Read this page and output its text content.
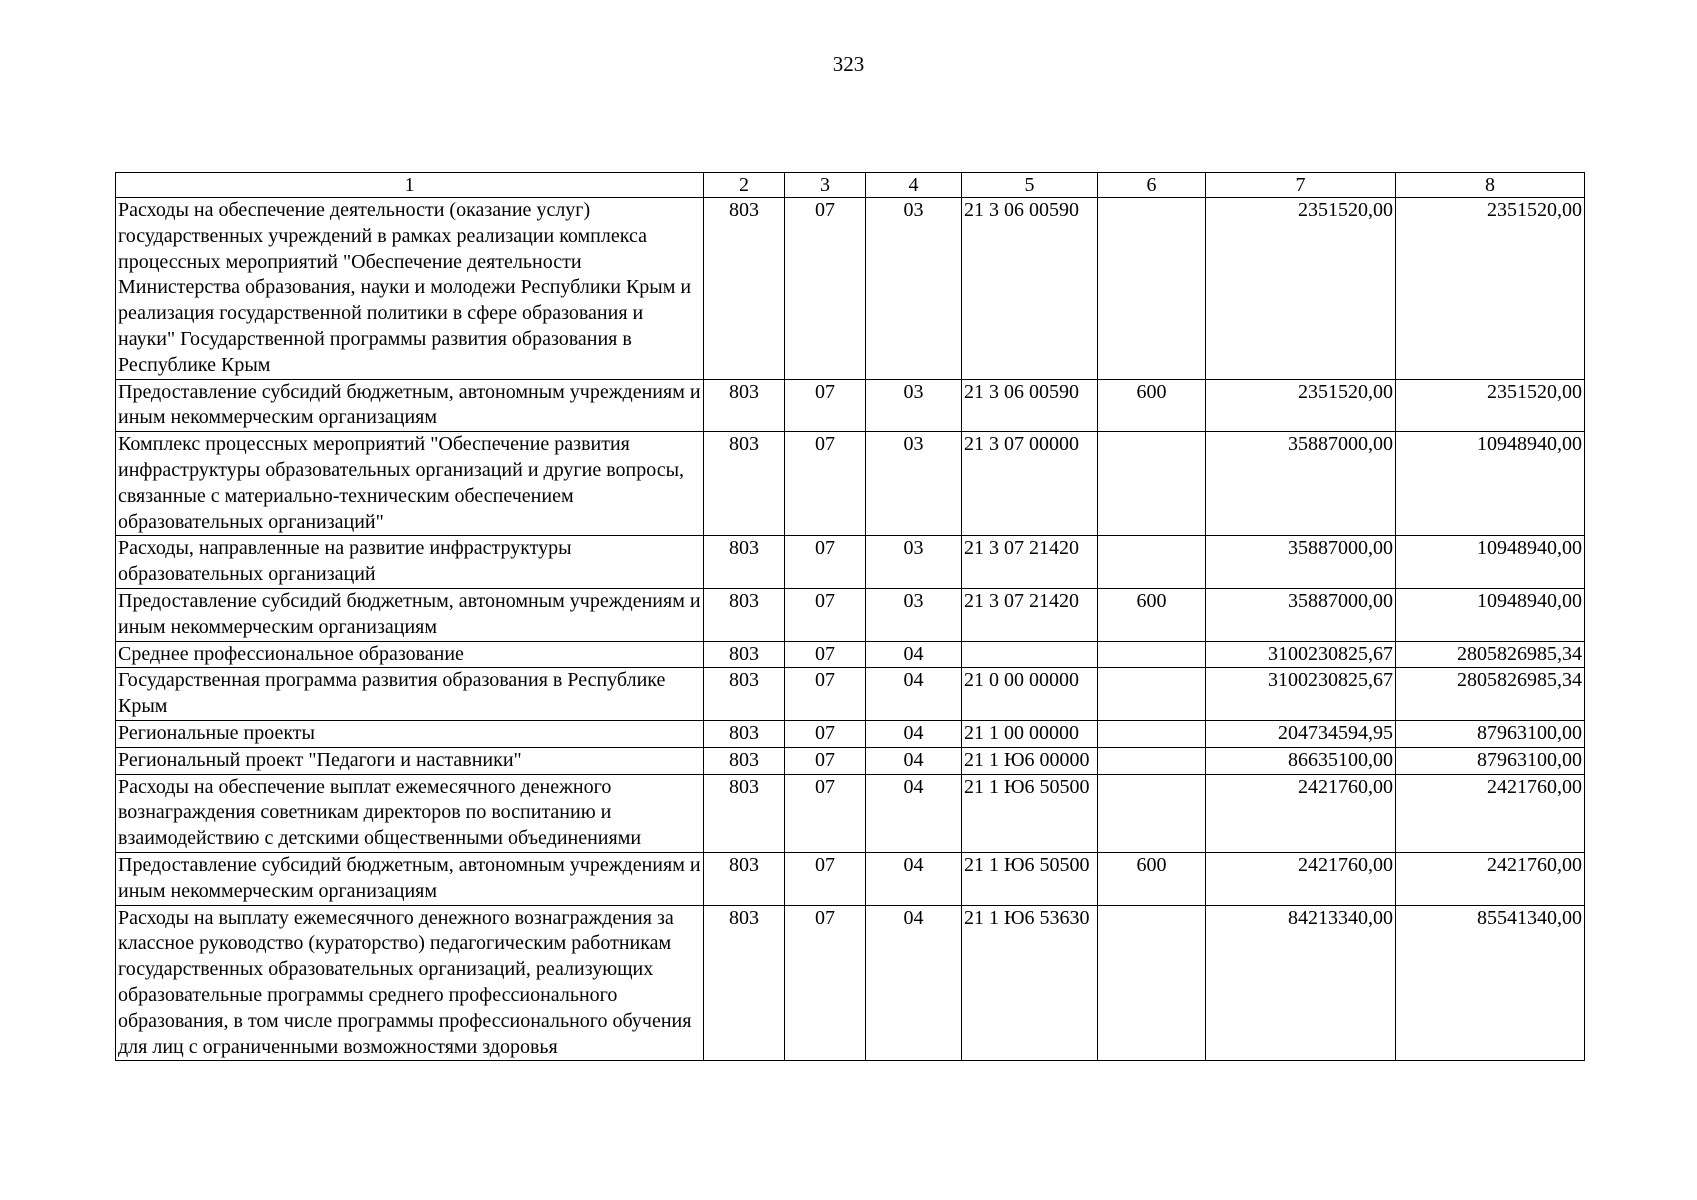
323
1	2	3	4	5	6	7	8
Расходы на обеспечение деятельности (оказание услуг) государственных учреждений в рамках реализации комплекса процессных мероприятий "Обеспечение деятельности Министерства образования, науки и молодежи Республики Крым и реализация государственной политики в сфере образования и науки" Государственной программы развития образования в Республике Крым	803	07	03	21 3 06 00590		2351520,00	2351520,00
Предоставление субсидий бюджетным, автономным учреждениям и иным некоммерческим организациям	803	07	03	21 3 06 00590	600	2351520,00	2351520,00
Комплекс процессных мероприятий "Обеспечение развития инфраструктуры образовательных организаций и другие вопросы, связанные с материально-техническим обеспечением образовательных организаций"	803	07	03	21 3 07 00000		35887000,00	10948940,00
Расходы, направленные на развитие инфраструктуры образовательных организаций	803	07	03	21 3 07 21420		35887000,00	10948940,00
Предоставление субсидий бюджетным, автономным учреждениям и иным некоммерческим организациям	803	07	03	21 3 07 21420	600	35887000,00	10948940,00
Среднее профессиональное образование	803	07	04			3100230825,67	2805826985,34
Государственная программа развития образования в Республике Крым	803	07	04	21 0 00 00000		3100230825,67	2805826985,34
Региональные проекты	803	07	04	21 1 00 00000		204734594,95	87963100,00
Региональный проект "Педагоги и наставники"	803	07	04	21 1 Ю6 00000		86635100,00	87963100,00
Расходы на обеспечение выплат ежемесячного денежного вознаграждения советникам директоров по воспитанию и взаимодействию с детскими общественными объединениями	803	07	04	21 1 Ю6 50500		2421760,00	2421760,00
Предоставление субсидий бюджетным, автономным учреждениям и иным некоммерческим организациям	803	07	04	21 1 Ю6 50500	600	2421760,00	2421760,00
Расходы на выплату ежемесячного денежного вознаграждения за классное руководство (кураторство) педагогическим работникам государственных образовательных организаций, реализующих образовательные программы среднего профессионального образования, в том числе программы профессионального обучения для лиц с ограниченными возможностями здоровья	803	07	04	21 1 Ю6 53630		84213340,00	85541340,00
